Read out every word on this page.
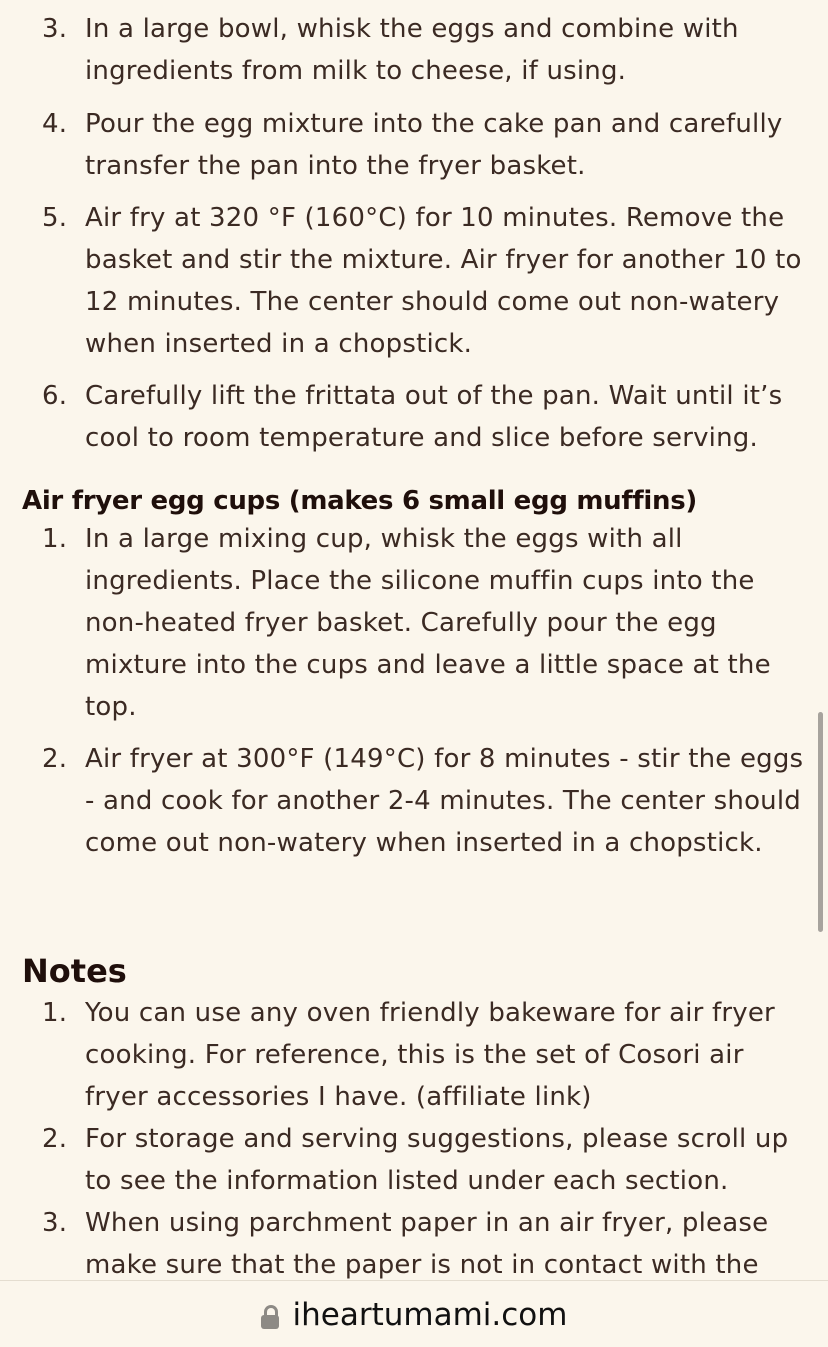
3. In a large bowl, whisk the eggs and combine with ingredients from milk to cheese, if using.
4. Pour the egg mixture into the cake pan and carefully transfer the pan into the fryer basket.
5. Air fry at 320 °F (160°C) for 10 minutes. Remove the basket and stir the mixture. Air fryer for another 10 to 12 minutes. The center should come out non-watery when inserted in a chopstick.
6. Carefully lift the frittata out of the pan. Wait until it’s cool to room temperature and slice before serving.
Air fryer egg cups (makes 6 small egg muffins)
1. In a large mixing cup, whisk the eggs with all ingredients. Place the silicone muffin cups into the non-heated fryer basket. Carefully pour the egg mixture into the cups and leave a little space at the top.
2. Air fryer at 300°F (149°C) for 8 minutes - stir the eggs - and cook for another 2-4 minutes. The center should come out non-watery when inserted in a chopstick.
Notes
1. You can use any oven friendly bakeware for air fryer cooking. For reference, this is the set of Cosori air fryer accessories I have. (affiliate link)
2. For storage and serving suggestions, please scroll up to see the information listed under each section.
3. When using parchment paper in an air fryer, please make sure that the paper is not in contact with the
iheartumami.com
